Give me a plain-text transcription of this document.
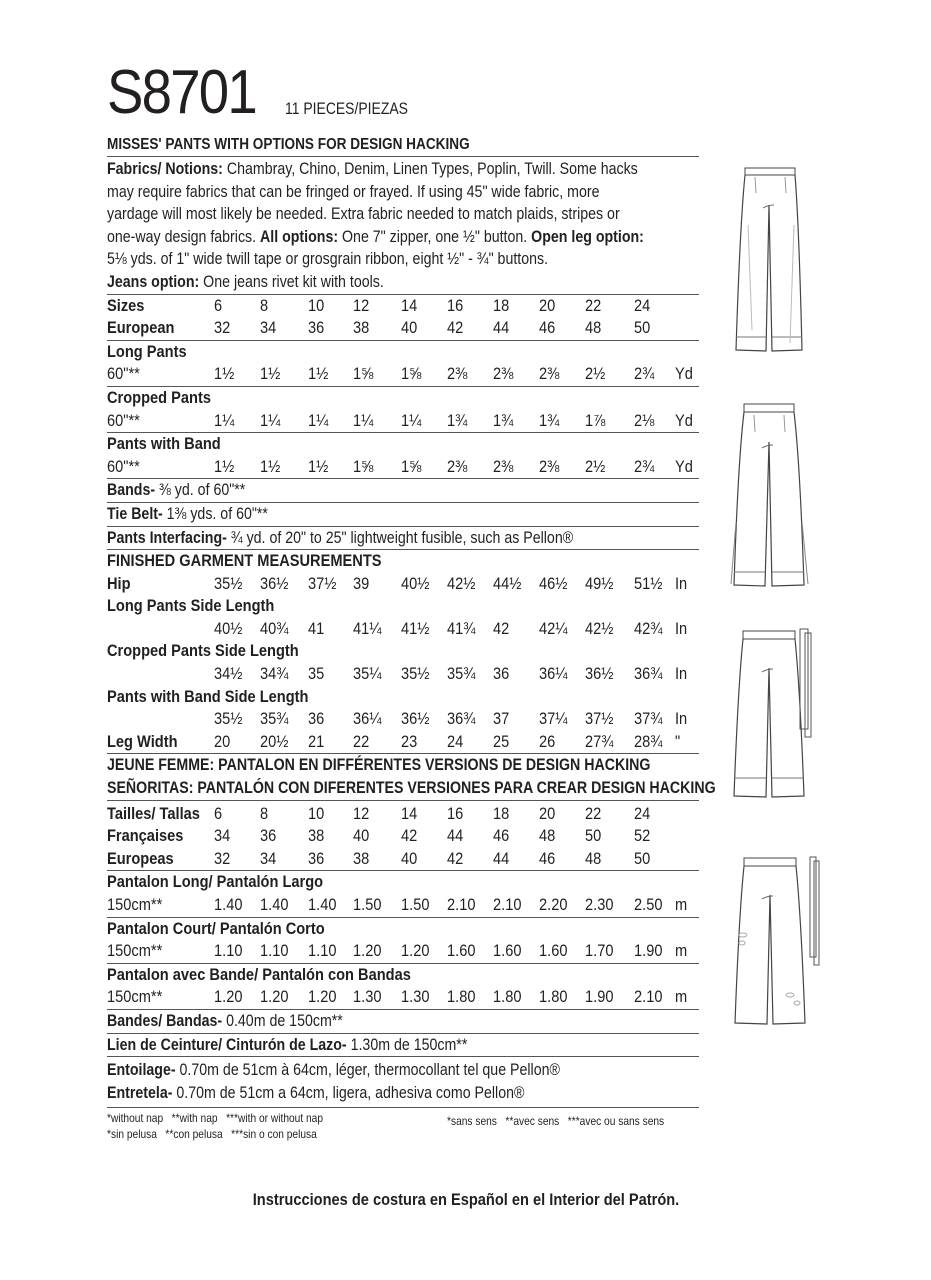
S8701 11 PIECES/PIEZAS
MISSES' PANTS WITH OPTIONS FOR DESIGN HACKING
Fabrics/ Notions: Chambray, Chino, Denim, Linen Types, Poplin, Twill. Some hacks
may require fabrics that can be fringed or frayed. If using 45" wide fabric, more
yardage will most likely be needed. Extra fabric needed to match plaids, stripes or
one-way design fabrics. All options: One 7" zipper, one ½" button. Open leg option:
5⅛ yds. of 1" wide twill tape or grosgrain ribbon, eight ½" - ¾" buttons.
Jeans option: One jeans rivet kit with tools.
Sizes	6 8 10 12 14 16 18 20 22 24
European 32 34 36 38 40 42 44 46 48 50
Long Pants
60"**	1½ 1½ 1½ 1⅝ 1⅝ 2⅜ 2⅜ 2⅜ 2½ 2¾ Yd
Cropped Pants
60"**	1¼ 1¼ 1¼ 1¼ 1¼ 1¾ 1¾ 1¾ 1⅞ 2⅛ Yd
Pants with Band
60"**	1½ 1½ 1½ 1⅝ 1⅝ 2⅜ 2⅜ 2⅜ 2½ 2¾ Yd
Bands- ⅜ yd. of 60"**
Tie Belt- 1⅜ yds. of 60"**
Pants Interfacing- ¾ yd. of 20" to 25" lightweight fusible, such as Pellon®
FINISHED GARMENT MEASUREMENTS
Hip	35½ 36½ 37½ 39 40½ 42½ 44½ 46½ 49½ 51½ In
Long Pants Side Length
40½ 40¾ 41 41¼ 41½ 41¾ 42 42¼ 42½ 42¾ In
Cropped Pants Side Length
34½ 34¾ 35 35¼ 35½ 35¾ 36 36¼ 36½ 36¾ In
Pants with Band Side Length
35½ 35¾ 36 36¼ 36½ 36¾ 37 37¼ 37½ 37¾ In
Leg Width 20 20½ 21 22 23 24 25 26 27¾ 28¾ "
JEUNE FEMME: PANTALON EN DIFFÉRENTES VERSIONS DE DESIGN HACKING
SEÑORITAS: PANTALÓN CON DIFERENTES VERSIONES PARA CREAR DESIGN HACKING
Tailles/ Tallas 6 8 10 12 14 16 18 20 22 24
Françaises 34 36 38 40 42 44 46 48 50 52
Europeas 32 34 36 38 40 42 44 46 48 50
Pantalon Long/ Pantalón Largo
150cm**	1.40 1.40 1.40 1.50 1.50 2.10 2.10 2.20 2.30 2.50 m
Pantalon Court/ Pantalón Corto
150cm**	1.10 1.10 1.10 1.20 1.20 1.60 1.60 1.60 1.70 1.90 m
Pantalon avec Bande/ Pantalón con Bandas
150cm**	1.20 1.20 1.20 1.30 1.30 1.80 1.80 1.80 1.90 2.10 m
Bandes/ Bandas- 0.40m de 150cm**
Lien de Ceinture/ Cinturón de Lazo- 1.30m de 150cm**
Entoilage- 0.70m de 51cm à 64cm, léger, thermocollant tel que Pellon®
Entretela- 0.70m de 51cm a 64cm, ligera, adhesiva como Pellon®
*without nap   **with nap   ***with or without nap
*sin pelusa   **con pelusa   ***sin o con pelusa
*sans sens   **avec sens   ***avec ou sans sens
Instrucciones de costura en Español en el Interior del Patrón.
